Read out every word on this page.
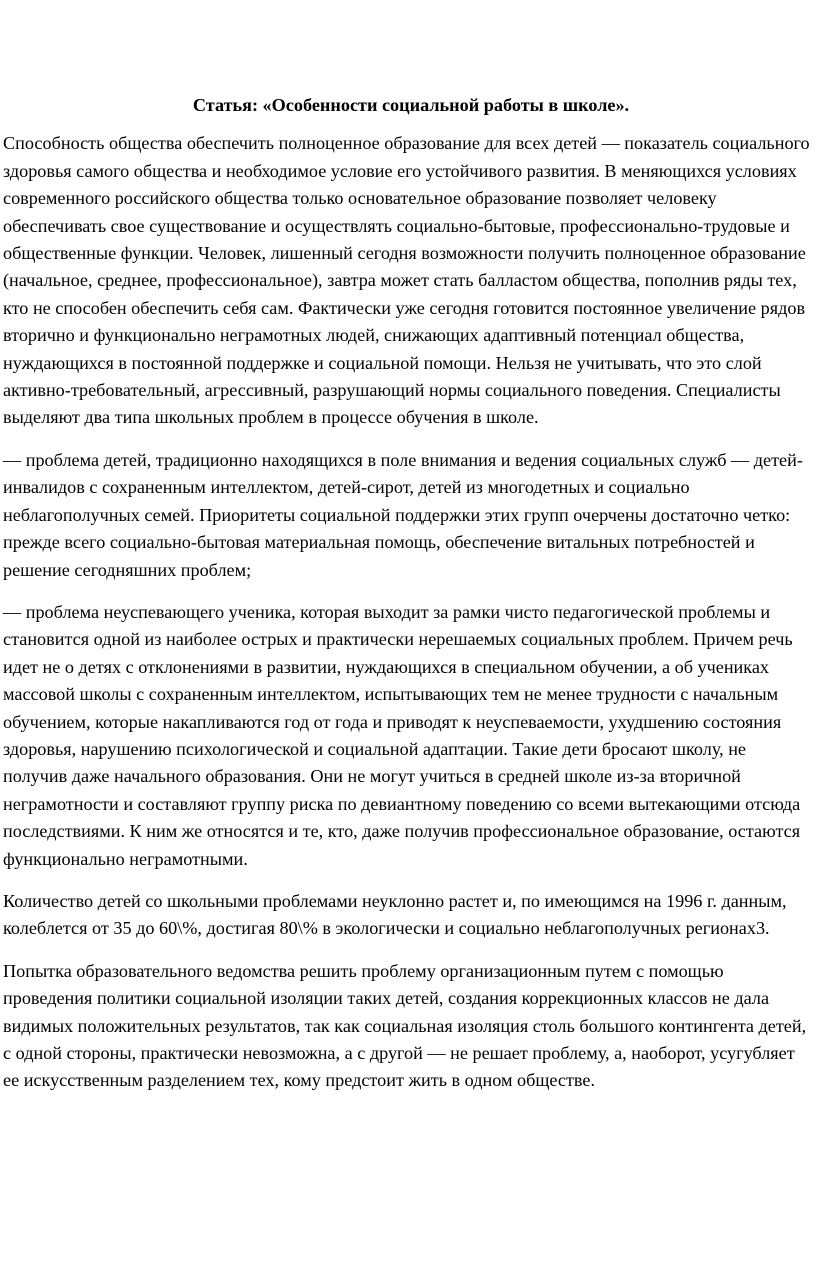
Статья: «Особенности социальной работы в школе».

Способность общества обеспечить полноценное образование для всех детей — показатель социального здоровья самого общества и необходимое условие его устойчивого развития. В меняющихся условиях современного российского общества только основательное образование позволяет человеку обеспечивать свое существование и осуществлять социально-бытовые, профессионально-трудовые и общественные функции. Человек, лишенный сегодня возможности получить полноценное образование (начальное, среднее, профессиональное), завтра может стать балластом общества, пополнив ряды тех, кто не способен обеспечить себя сам. Фактически уже сегодня готовится постоянное увеличение рядов вторично и функционально неграмотных людей, снижающих адаптивный потенциал общества, нуждающихся в постоянной поддержке и социальной помощи. Нельзя не учитывать, что это слой активно-требовательный, агрессивный, разрушающий нормы социального поведения. Специалисты выделяют два типа школьных проблем в процессе обучения в школе.

— проблема детей, традиционно находящихся в поле внимания и ведения социальных служб — детей-инвалидов с сохраненным интеллектом, детей-сирот, детей из многодетных и социально неблагополучных семей. Приоритеты социальной поддержки этих групп очерчены достаточно четко: прежде всего социально-бытовая материальная помощь, обеспечение витальных потребностей и решение сегодняшних проблем;

— проблема неуспевающего ученика, которая выходит за рамки чисто педагогической проблемы и становится одной из наиболее острых и практически нерешаемых социальных проблем. Причем речь идет не о детях с отклонениями в развитии, нуждающихся в специальном обучении, а об учениках массовой школы с сохраненным интеллектом, испытывающих тем не менее трудности с начальным обучением, которые накапливаются год от года и приводят к неуспеваемости, ухудшению состояния здоровья, нарушению психологической и социальной адаптации. Такие дети бросают школу, не получив даже начального образования. Они не могут учиться в средней школе из-за вторичной неграмотности и составляют группу риска по девиантному поведению со всеми вытекающими отсюда последствиями. К ним же относятся и те, кто, даже получив профессиональное образование, остаются функционально неграмотными.

Количество детей со школьными проблемами неуклонно растет и, по имеющимся на 1996 г. данным, колеблется от 35 до 60\%, достигая 80\% в экологически и социально неблагополучных регионах3.

Попытка образовательного ведомства решить проблему организационным путем с помощью проведения политики социальной изоляции таких детей, создания коррекционных классов не дала видимых положительных результатов, так как социальная изоляция столь большого контингента детей, с одной стороны, практически невозможна, а с другой — не решает проблему, а, наоборот, усугубляет ее искусственным разделением тех, кому предстоит жить в одном обществе.
